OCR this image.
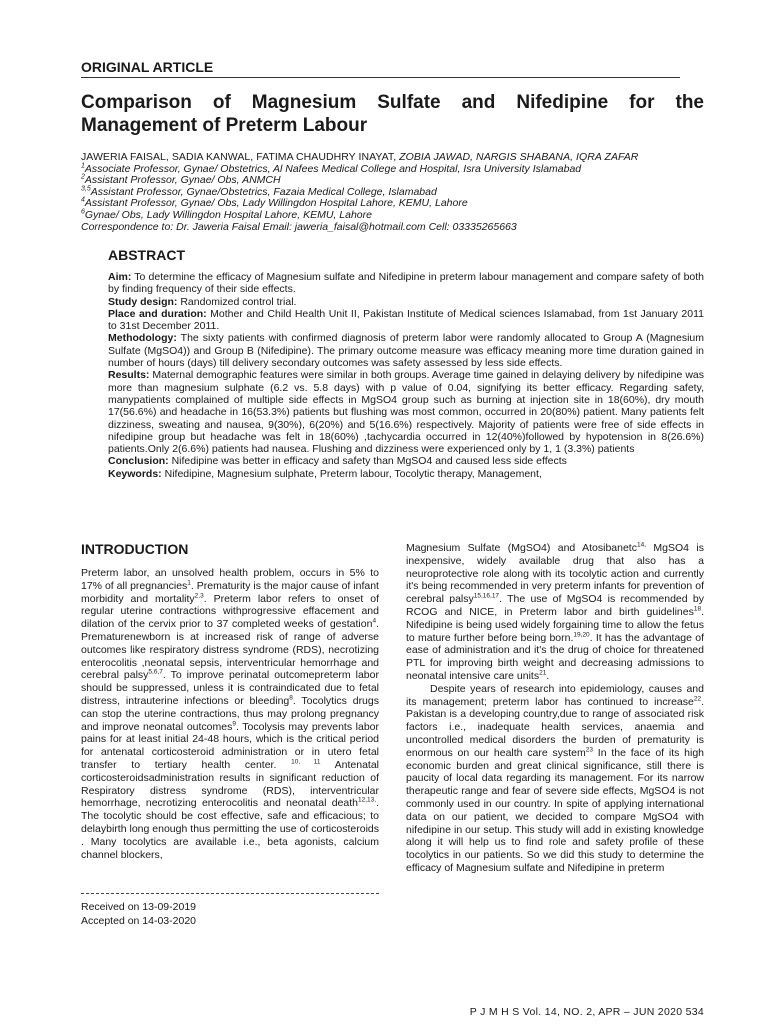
ORIGINAL ARTICLE
Comparison of Magnesium Sulfate and Nifedipine for the
Management of Preterm Labour
JAWERIA FAISAL, SADIA KANWAL, FATIMA CHAUDHRY INAYAT, ZOBIA JAWAD, NARGIS SHABANA, IQRA ZAFAR
$^1$Associate Professor, Gynae/ Obstetrics, Al Nafees Medical College and Hospital, Isra University Islamabad
$^2$Assistant Professor, Gynae/ Obs, ANMCH
$^{3,5}$Assistant Professor, Gynae/Obstetrics, Fazaia Medical College, Islamabad
$^4$Assistant Professor, Gynae/ Obs, Lady Willingdon Hospital Lahore, KEMU, Lahore
$^6$Gynae/ Obs, Lady Willingdon Hospital Lahore, KEMU, Lahore
Correspondence to: Dr. Jaweria Faisal Email: jaweria_faisal@hotmail.com Cell: 03335265663
ABSTRACT

Aim: To determine the efficacy of Magnesium sulfate and Nifedipine in preterm labour management and compare safety of both by finding frequency of their side effects.

Study design: Randomized control trial.

Place and duration: Mother and Child Health Unit II, Pakistan Institute of Medical sciences Islamabad, from 1st January 2011 to 31st December 2011.

Methodology: The sixty patients with confirmed diagnosis of preterm labor were randomly allocated to Group A (Magnesium Sulfate (MgSO4)) and Group B (Nifedipine). The primary outcome measure was efficacy meaning more time duration gained in number of hours (days) till delivery secondary outcomes was safety assessed by less side effects.

Results: Maternal demographic features were similar in both groups. Average time gained in delaying delivery by nifedipine was more than magnesium sulphate (6.2 vs. 5.8 days) with p value of 0.04, signifying its better efficacy. Regarding safety, manypatients complained of multiple side effects in MgSO4 group such as burning at injection site in 18(60%), dry mouth 17(56.6%) and headache in 16(53.3%) patients but flushing was most common, occurred in 20(80%) patient. Many patients felt dizziness, sweating and nausea, 9(30%), 6(20%) and 5(16.6%) respectively. Majority of patients were free of side effects in nifedipine group but headache was felt in 18(60%) ,tachycardia occurred in 12(40%)followed by hypotension in 8(26.6%) patients.Only 2(6.6%) patients had nausea. Flushing and dizziness were experienced only by 1, 1 (3.3%) patients

Conclusion: Nifedipine was better in efficacy and safety than MgSO4 and caused less side effects

Keywords: Nifedipine, Magnesium sulphate, Preterm labour, Tocolytic therapy, Management,

INTRODUCTION

Preterm labor, an unsolved health problem, occurs in 5% to 17% of all pregnancies$^1$. Prematurity is the major cause of infant morbidity and mortality$^{2,3}$. Preterm labor refers to onset of regular uterine contractions withprogressive effacement and dilation of the cervix prior to 37 completed weeks of gestation$^4$. Prematurenewborn is at increased risk of range of adverse outcomes like respiratory distress syndrome (RDS), necrotizing enterocolitis ,neonatal sepsis, interventricular hemorrhage and cerebral palsy$^{5,6,7}$. To improve perinatal outcomepreterm labor should be suppressed, unless it is contraindicated due to fetal distress, intrauterine infections or bleeding$^8$. Tocolytics drugs can stop the uterine contractions, thus may prolong pregnancy and improve neonatal outcomes$^9$. Tocolysis may prevents labor pains for at least initial 24-48 hours, which is the critical period for antenatal corticosteroid administration or in utero fetal transfer to tertiary health center. $^{10, 11}$ Antenatal corticosteroidsadministration results in significant reduction of Respiratory distress syndrome (RDS), interventricular hemorrhage, necrotizing enterocolitis and neonatal death$^{12,13,}$. The tocolytic should be cost effective, safe and efficacious; to delaybirth long enough thus permitting the use of corticosteroids . Many tocolytics are available i.e., beta agonists, calcium channel blockers,

Magnesium Sulfate (MgSO4) and Atosibanetc$^{14,}$ MgSO4 is inexpensive, widely available drug that also has a neuroprotective role along with its tocolytic action and currently it's being recommended in very preterm infants for prevention of cerebral palsy$^{15,16,17}$. The use of MgSO4 is recommended by RCOG and NICE, in Preterm labor and birth guidelines$^{18}$. Nifedipine is being used widely forgaining time to allow the fetus to mature further before being born.$^{19,20}$. It has the advantage of ease of administration and it's the drug of choice for threatened PTL for improving birth weight and decreasing admissions to neonatal intensive care units$^{21}$.

Despite years of research into epidemiology, causes and its management; preterm labor has continued to increase$^{22}$. Pakistan is a developing country,due to range of associated risk factors i.e., inadequate health services, anaemia and uncontrolled medical disorders the burden of prematurity is enormous on our health care system$^{23}$ In the face of its high economic burden and great clinical significance, still there is paucity of local data regarding its management. For its narrow therapeutic range and fear of severe side effects, MgSO4 is not commonly used in our country. In spite of applying international data on our patient, we decided to compare MgSO4 with nifedipine in our setup. This study will add in existing knowledge along it will help us to find role and safety profile of these tocolytics in our patients. So we did this study to determine the efficacy of Magnesium sulfate and Nifedipine in preterm

Received on 13-09-2019
Accepted on 14-03-2020
P J M H S Vol. 14, NO. 2, APR – JUN 2020 534
